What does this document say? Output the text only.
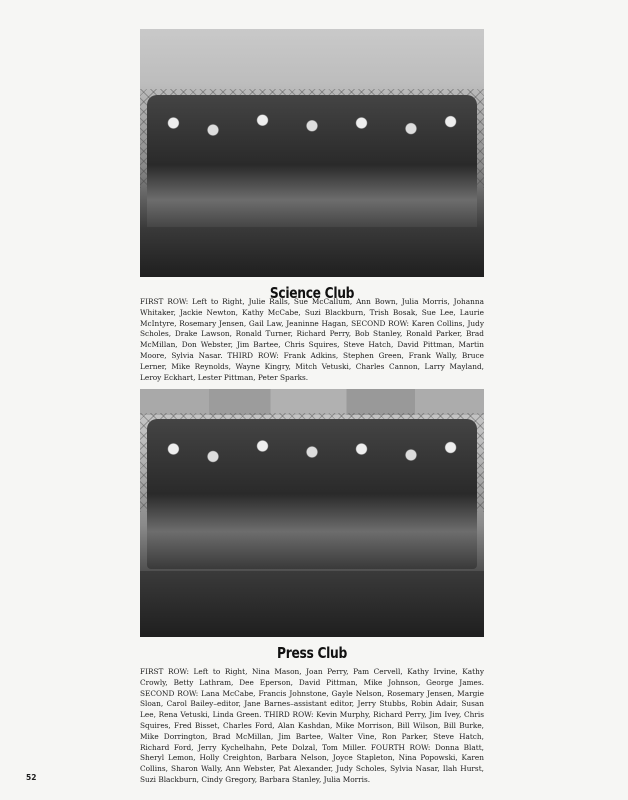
Science Club

FIRST ROW: Left to Right, Julie Ralls, Sue McCallum, Ann Bown, Julia Morris, Johanna Whitaker, Jackie Newton, Kathy McCabe, Suzi Blackburn, Trish Bosak, Sue Lee, Laurie McIntyre, Rosemary Jensen, Gail Law, Jeaninne Hagan, SECOND ROW: Karen Collins, Judy Scholes, Drake Lawson, Ronald Turner, Richard Perry, Bob Stanley, Ronald Parker, Brad McMillan, Don Webster, Jim Bartee, Chris Squires, Steve Hatch, David Pittman, Martin Moore, Sylvia Nasar. THIRD ROW: Frank Adkins, Stephen Green, Frank Wally, Bruce Lerner, Mike Reynolds, Wayne Kingry, Mitch Vetuski, Charles Cannon, Larry Mayland, Leroy Eckhart, Lester Pittman, Peter Sparks.

Press Club

FIRST ROW: Left to Right, Nina Mason, Joan Perry, Pam Cervell, Kathy Irvine, Kathy Crowly, Betty Lathram, Dee Eperson, David Pittman, Mike Johnson, George James. SECOND ROW: Lana McCabe, Francis Johnstone, Gayle Nelson, Rosemary Jensen, Margie Sloan, Carol Bailey–editor, Jane Barnes–assistant editor, Jerry Stubbs, Robin Adair, Susan Lee, Rena Vetuski, Linda Green. THIRD ROW: Kevin Murphy, Richard Perry, Jim Ivey, Chris Squires, Fred Bisset, Charles Ford, Alan Kashdan, Mike Morrison, Bill Wilson, Bill Burke, Mike Dorrington, Brad McMillan, Jim Bartee, Walter Vine, Ron Parker, Steve Hatch, Richard Ford, Jerry Kychelhahn, Pete Dolzal, Tom Miller. FOURTH ROW: Donna Blatt, Sheryl Lemon, Holly Creighton, Barbara Nelson, Joyce Stapleton, Nina Popowski, Karen Collins, Sharon Wally, Ann Webster, Pat Alexander, Judy Scholes, Sylvia Nasar, Ilah Hurst, Suzi Blackburn, Cindy Gregory, Barbara Stanley, Julia Morris.

52
